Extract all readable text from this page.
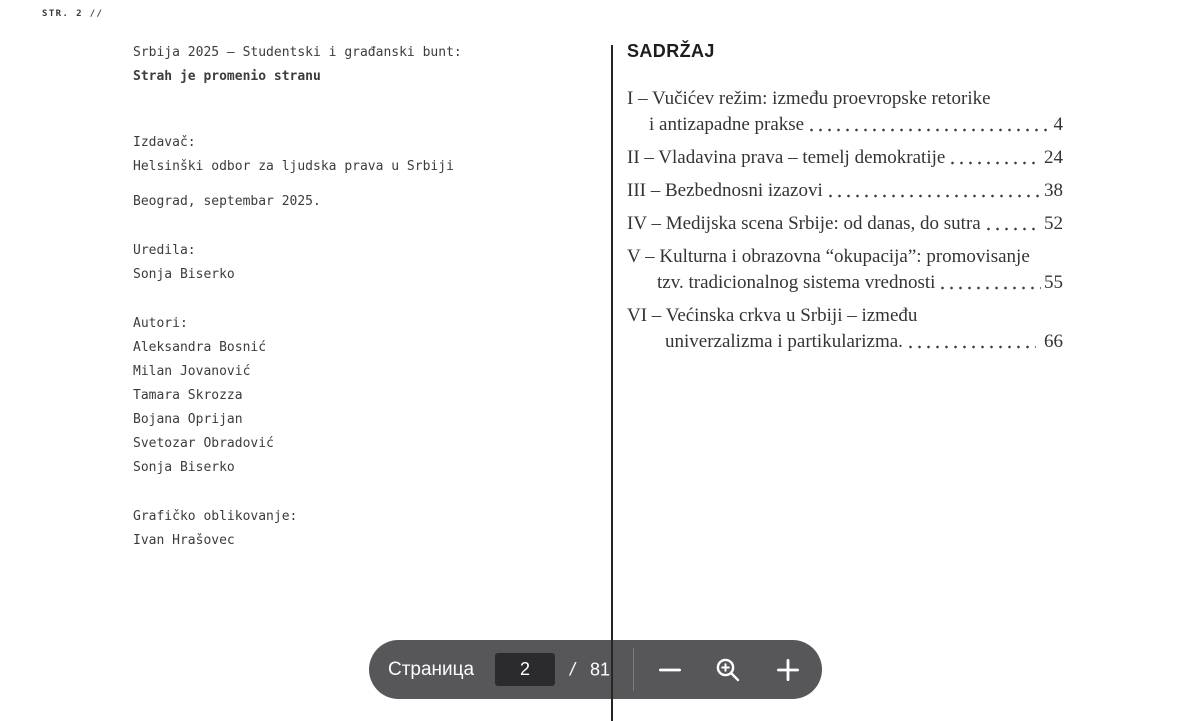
STR. 2 //
Srbija 2025 – Studentski i građanski bunt:
Strah je promenio stranu
Izdavač:
Helsinški odbor za ljudska prava u Srbiji
Beograd, septembar 2025.
Uredila:
Sonja Biserko
Autori:
Aleksandra Bosnić
Milan Jovanović
Tamara Skrozza
Bojana Oprijan
Svetozar Obradović
Sonja Biserko
Grafičko oblikovanje:
Ivan Hrašovec
SADRŽAJ
I – Vučićev režim: između proevropske retorike
i antizapadne prakse	4
II – Vladavina prava – temelj demokratije	24
III – Bezbednosni izazovi	38
IV – Medijska scena Srbije: od danas, do sutra	52
V – Kulturna i obrazovna “okupacija”: promovisanje
tzv. tradicionalnog sistema vrednosti	55
VI – Većinska crkva u Srbiji – između
univerzalizma i partikularizma.	66
Страница
2	/ 81
